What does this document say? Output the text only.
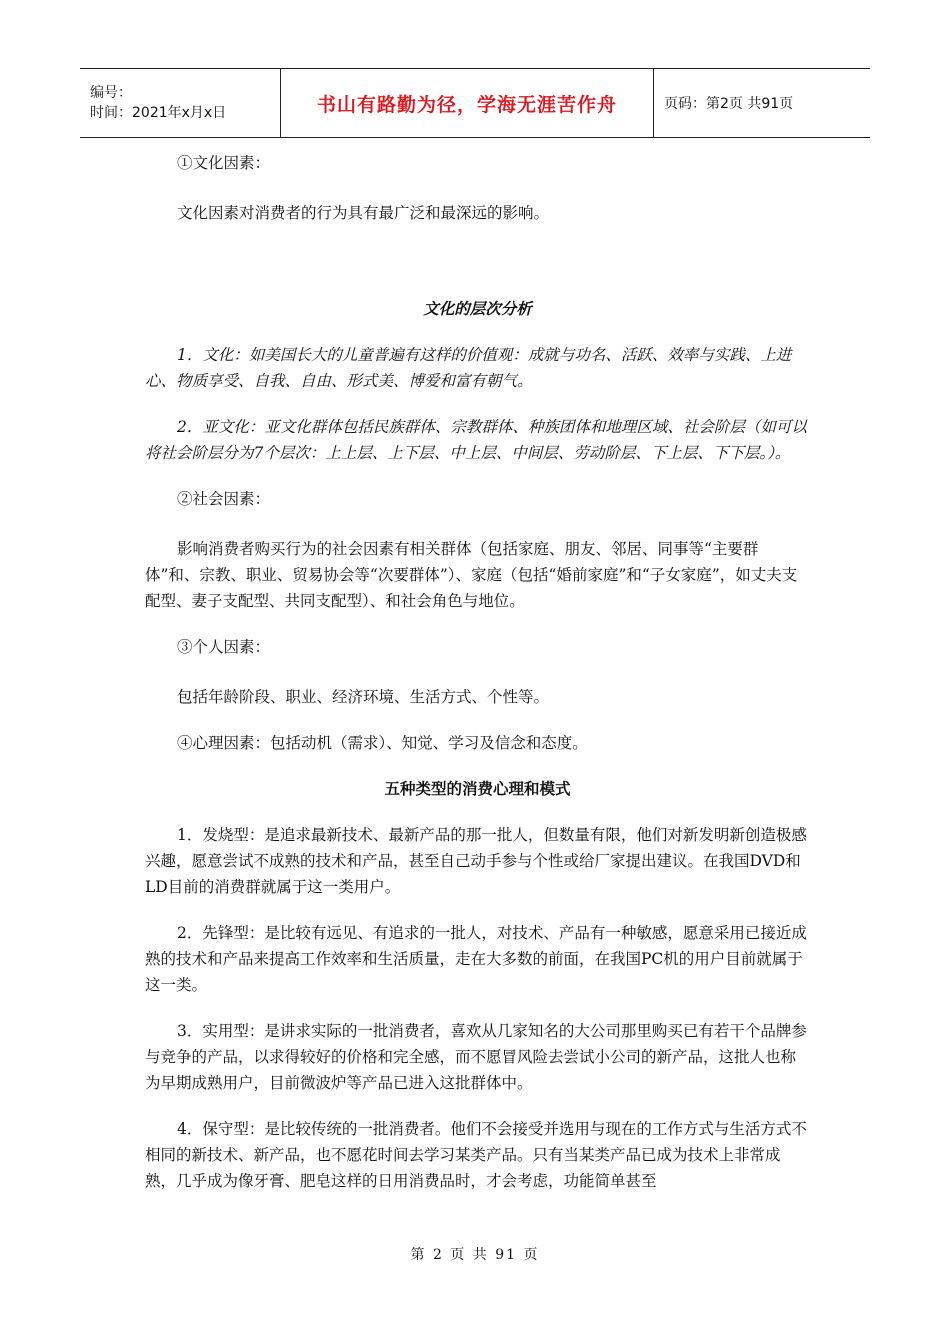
编号：
时间：2021年x月x日	书山有路勤为径，学海无涯苦作舟	页码：第2页 共91页

①文化因素：

文化因素对消费者的行为具有最广泛和最深远的影响。

文化的层次分析

1．文化：如美国长大的儿童普遍有这样的价值观：成就与功名、活跃、效率与实践、上进心、物质享受、自我、自由、形式美、博爱和富有朝气。

2．亚文化：亚文化群体包括民族群体、宗教群体、种族团体和地理区域、社会阶层（如可以将社会阶层分为7个层次：上上层、上下层、中上层、中间层、劳动阶层、下上层、下下层。）。

②社会因素：

影响消费者购买行为的社会因素有相关群体（包括家庭、朋友、邻居、同事等“主要群体”和、宗教、职业、贸易协会等“次要群体”）、家庭（包括“婚前家庭”和“子女家庭”，如丈夫支配型、妻子支配型、共同支配型）、和社会角色与地位。

③个人因素：

包括年龄阶段、职业、经济环境、生活方式、个性等。

④心理因素：包括动机（需求）、知觉、学习及信念和态度。

五种类型的消费心理和模式

1．发烧型：是追求最新技术、最新产品的那一批人，但数量有限，他们对新发明新创造极感兴趣，愿意尝试不成熟的技术和产品，甚至自己动手参与个性或给厂家提出建议。在我国DVD和LD目前的消费群就属于这一类用户。

2．先锋型：是比较有远见、有追求的一批人，对技术、产品有一种敏感，愿意采用已接近成熟的技术和产品来提高工作效率和生活质量，走在大多数的前面，在我国PC机的用户目前就属于这一类。

3．实用型：是讲求实际的一批消费者，喜欢从几家知名的大公司那里购买已有若干个品牌参与竞争的产品，以求得较好的价格和完全感，而不愿冒风险去尝试小公司的新产品，这批人也称为早期成熟用户，目前微波炉等产品已进入这批群体中。

4．保守型：是比较传统的一批消费者。他们不会接受并选用与现在的工作方式与生活方式不相同的新技术、新产品，也不愿花时间去学习某类产品。只有当某类产品已成为技术上非常成熟，几乎成为像牙膏、肥皂这样的日用消费品时，才会考虑，功能简单甚至

第 2 页 共 91 页
